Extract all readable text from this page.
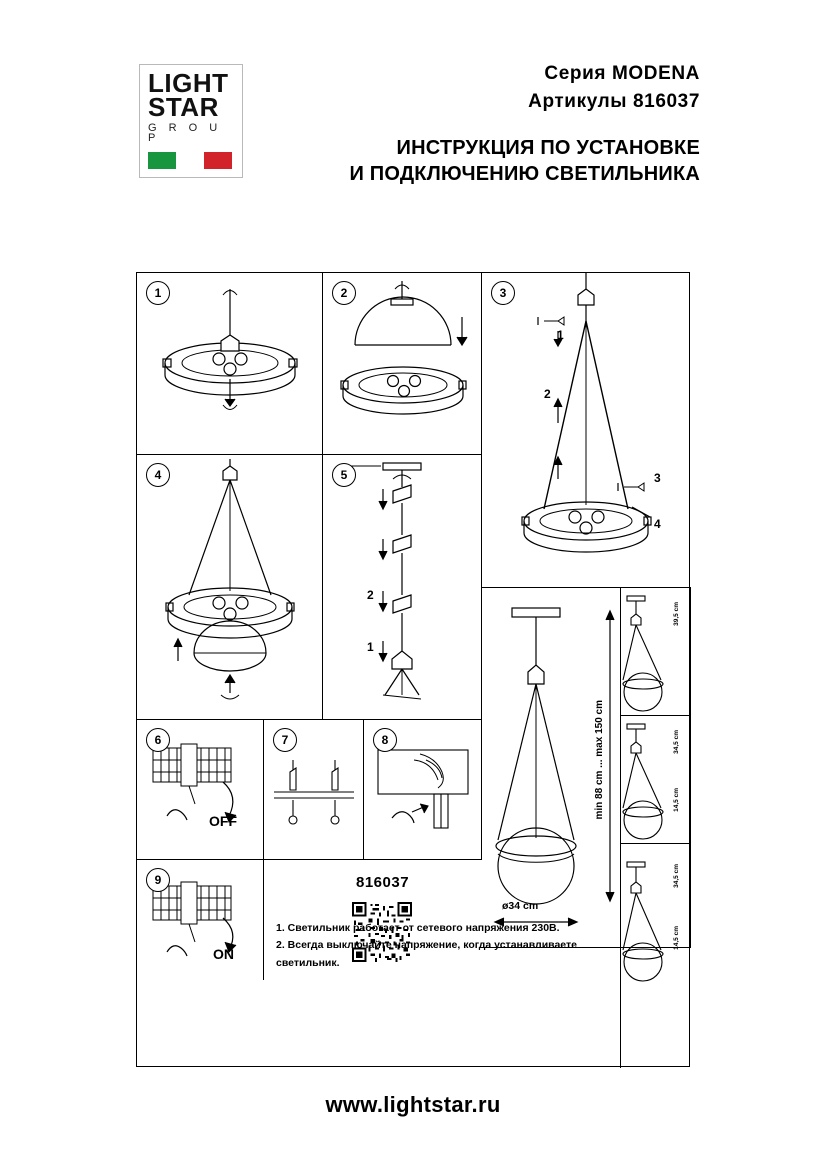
LIGHT
STAR
G R O U P
Серия MODENA
Артикулы 816037
ИНСТРУКЦИЯ ПО УСТАНОВКЕ
И ПОДКЛЮЧЕНИЮ СВЕТИЛЬНИКА
1	2	3
1
2
3
4
4	5
2
1
min 88 cm ... max 150 cm
ø34 cm
39,5 cm
34,5 cm
14,5 cm
34,5 cm
14,5 cm
6
OFF
7	8
9
ON
816037
1. Светильник работает от сетевого напряжения 230В.
2. Всегда выключайте напряжение, когда устанавливаете светильник.
www.lightstar.ru
